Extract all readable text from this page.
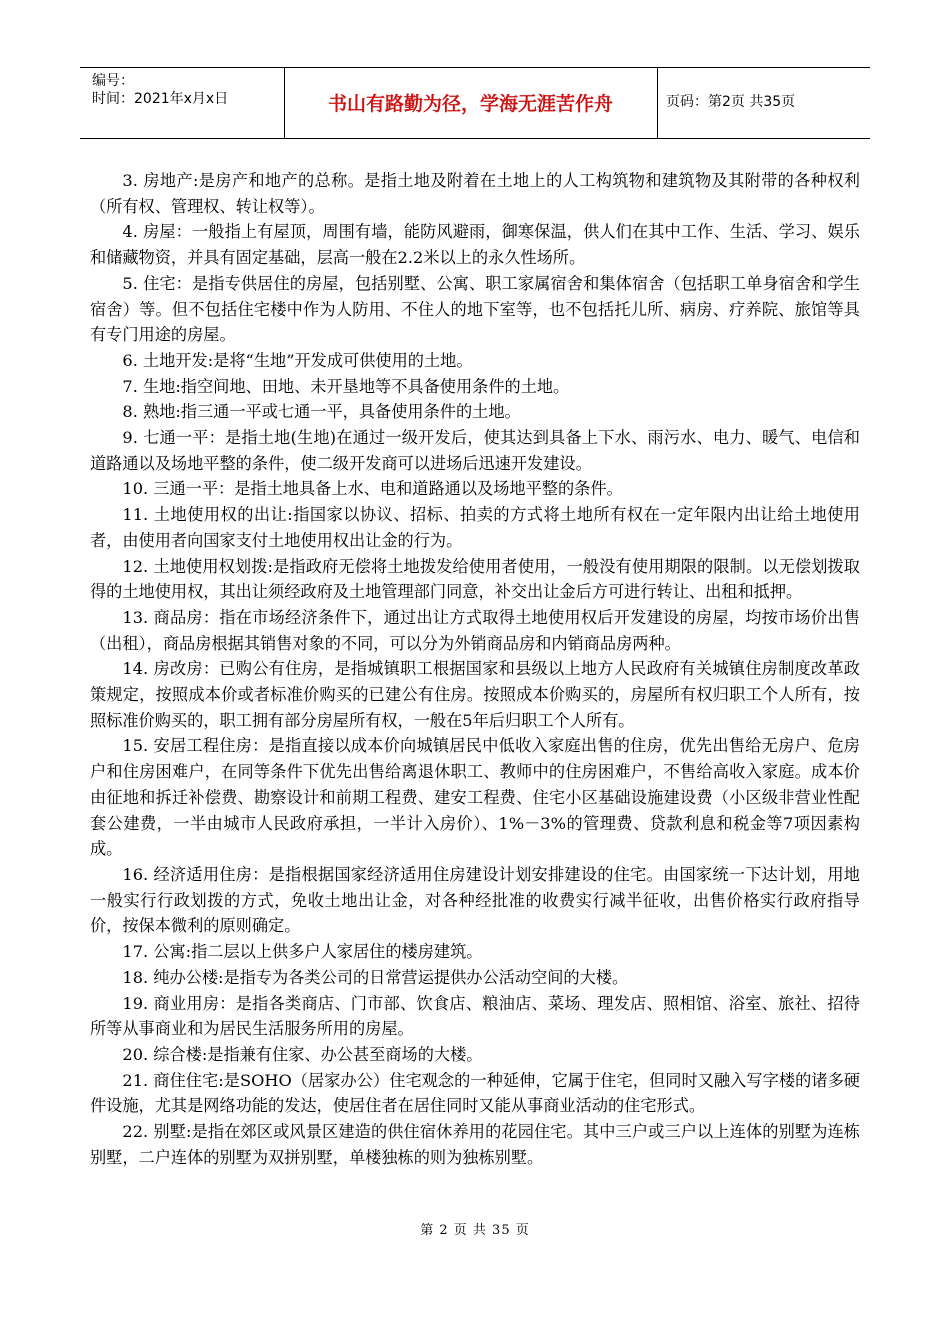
编号：
时间：2021年x月x日	书山有路勤为径，学海无涯苦作舟	页码：第2页 共35页

3. 房地产:是房产和地产的总称。是指土地及附着在土地上的人工构筑物和建筑物及其附带的各种权利（所有权、管理权、转让权等）。

4. 房屋：一般指上有屋顶，周围有墙，能防风避雨，御寒保温，供人们在其中工作、生活、学习、娱乐和储藏物资，并具有固定基础，层高一般在2.2米以上的永久性场所。

5. 住宅：是指专供居住的房屋，包括别墅、公寓、职工家属宿舍和集体宿舍（包括职工单身宿舍和学生宿舍）等。但不包括住宅楼中作为人防用、不住人的地下室等，也不包括托儿所、病房、疗养院、旅馆等具有专门用途的房屋。

6. 土地开发:是将“生地”开发成可供使用的土地。

7. 生地:指空间地、田地、未开垦地等不具备使用条件的土地。

8. 熟地:指三通一平或七通一平，具备使用条件的土地。

9. 七通一平：是指土地(生地)在通过一级开发后，使其达到具备上下水、雨污水、电力、暖气、电信和道路通以及场地平整的条件，使二级开发商可以进场后迅速开发建设。

10. 三通一平：是指土地具备上水、电和道路通以及场地平整的条件。

11. 土地使用权的出让:指国家以协议、招标、拍卖的方式将土地所有权在一定年限内出让给土地使用者，由使用者向国家支付土地使用权出让金的行为。

12. 土地使用权划拨:是指政府无偿将土地拨发给使用者使用，一般没有使用期限的限制。以无偿划拨取得的土地使用权，其出让须经政府及土地管理部门同意，补交出让金后方可进行转让、出租和抵押。

13. 商品房：指在市场经济条件下，通过出让方式取得土地使用权后开发建设的房屋，均按市场价出售（出租），商品房根据其销售对象的不同，可以分为外销商品房和内销商品房两种。

14. 房改房：已购公有住房，是指城镇职工根据国家和县级以上地方人民政府有关城镇住房制度改革政策规定，按照成本价或者标准价购买的已建公有住房。按照成本价购买的，房屋所有权归职工个人所有，按照标准价购买的，职工拥有部分房屋所有权，一般在5年后归职工个人所有。

15. 安居工程住房：是指直接以成本价向城镇居民中低收入家庭出售的住房，优先出售给无房户、危房户和住房困难户，在同等条件下优先出售给离退休职工、教师中的住房困难户，不售给高收入家庭。成本价由征地和拆迁补偿费、勘察设计和前期工程费、建安工程费、住宅小区基础设施建设费（小区级非营业性配套公建费，一半由城市人民政府承担，一半计入房价）、1%－3%的管理费、贷款利息和税金等7项因素构成。

16. 经济适用住房：是指根据国家经济适用住房建设计划安排建设的住宅。由国家统一下达计划，用地一般实行行政划拨的方式，免收土地出让金，对各种经批准的收费实行减半征收，出售价格实行政府指导价，按保本微利的原则确定。

17. 公寓:指二层以上供多户人家居住的楼房建筑。

18. 纯办公楼:是指专为各类公司的日常营运提供办公活动空间的大楼。

19. 商业用房：是指各类商店、门市部、饮食店、粮油店、菜场、理发店、照相馆、浴室、旅社、招待所等从事商业和为居民生活服务所用的房屋。

20. 综合楼:是指兼有住家、办公甚至商场的大楼。

21. 商住住宅:是SOHO（居家办公）住宅观念的一种延伸，它属于住宅，但同时又融入写字楼的诸多硬件设施，尤其是网络功能的发达，使居住者在居住同时又能从事商业活动的住宅形式。

22. 别墅:是指在郊区或风景区建造的供住宿休养用的花园住宅。其中三户或三户以上连体的别墅为连栋别墅，二户连体的别墅为双拼别墅，单楼独栋的则为独栋别墅。

第 2 页 共 35 页
